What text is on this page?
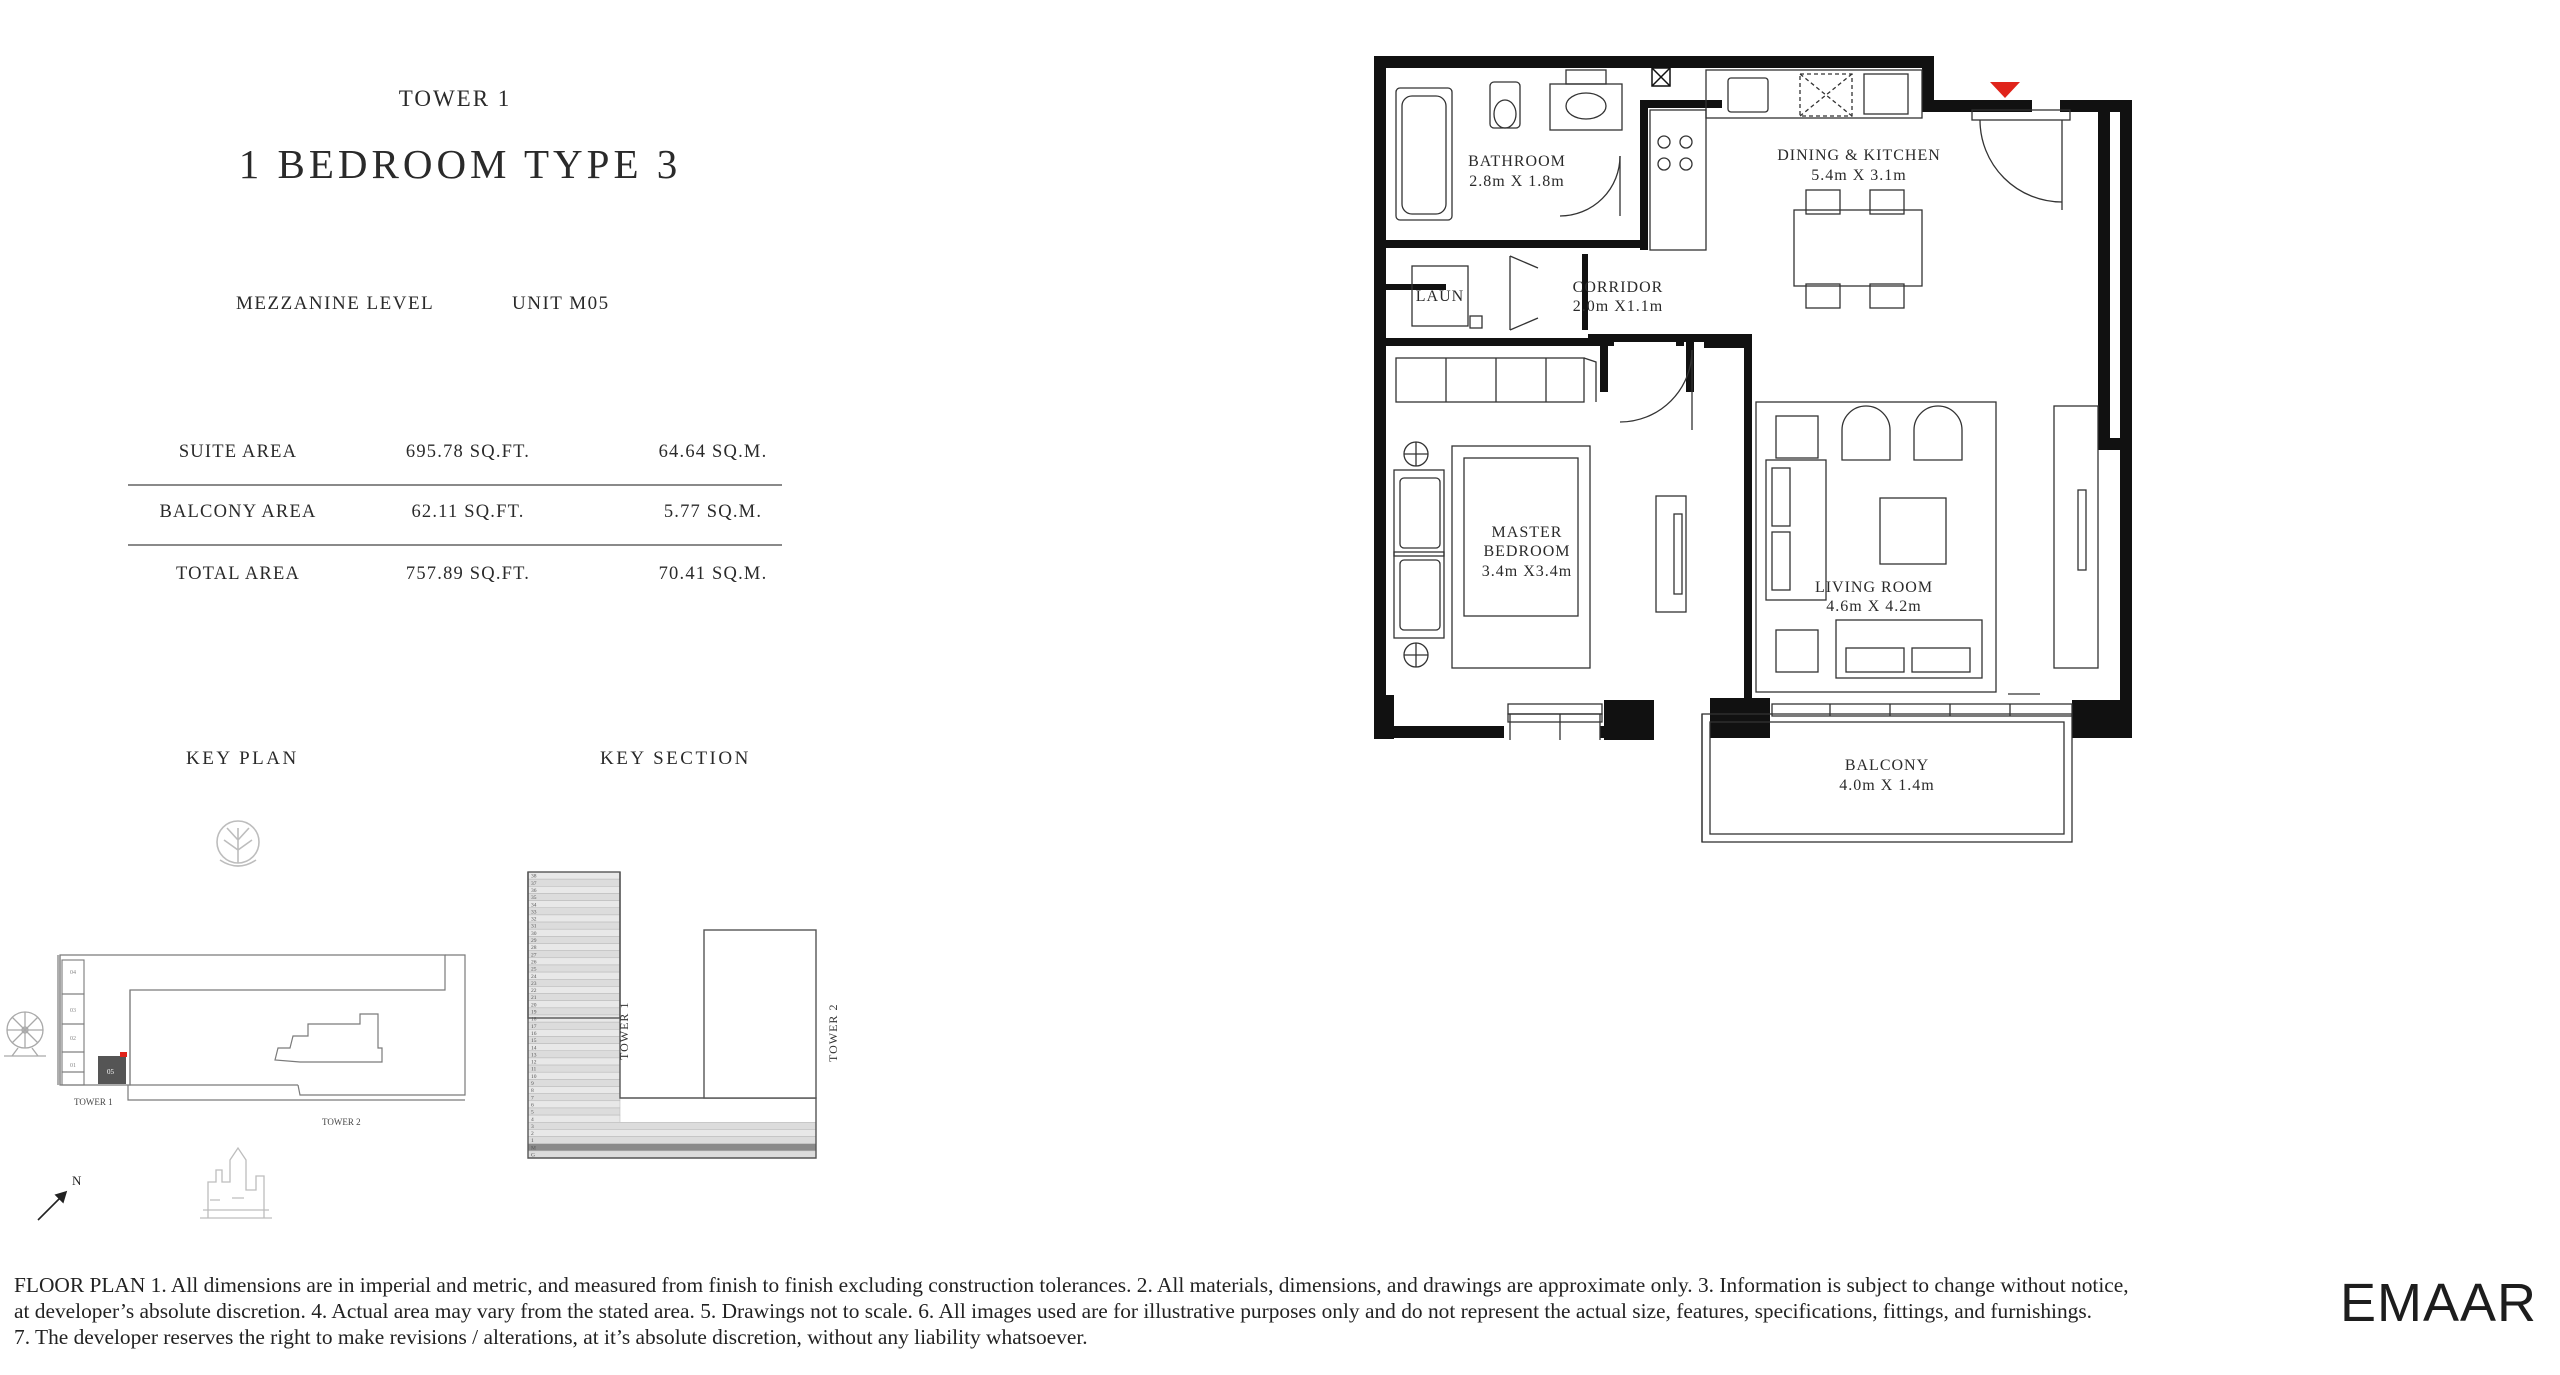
TOWER 1
1 BEDROOM TYPE 3
MEZZANINE LEVEL	UNIT M05
SUITE AREA	695.78 SQ.FT.	64.64 SQ.M.
BALCONY AREA	62.11 SQ.FT.	5.77 SQ.M.
TOTAL AREA	757.89 SQ.FT.	70.41 SQ.M.
KEY PLAN	KEY SECTION
04
03
02
01
05
TOWER 1
TOWER 2
N
38
37
36
35
34
33
32
31
30
29
28
27
26
25
24
23
22
21
20
19
18
17
16
15
14
13
12
11
10
9
8
7
6
5
4
3
2
1
M
G
TOWER 1	TOWER 2
BATHROOM
2.8m X 1.8m
DINING & KITCHEN
5.4m X 3.1m
CORRIDOR
2.0m X1.1m
LAUN
MASTER
BEDROOM
3.4m X3.4m
LIVING ROOM
4.6m X 4.2m
BALCONY
4.0m X 1.4m
FLOOR PLAN 1. All dimensions are in imperial and metric, and measured from finish to finish excluding construction tolerances. 2. All materials, dimensions, and drawings are approximate only. 3. Information is subject to change without notice,
at developer’s absolute discretion. 4. Actual area may vary from the stated area. 5. Drawings not to scale. 6. All images used are for illustrative purposes only and do not represent the actual size, features, specifications, fittings, and furnishings.
7. The developer reserves the right to make revisions / alterations, at it’s absolute discretion, without any liability whatsoever.
EMAAR
